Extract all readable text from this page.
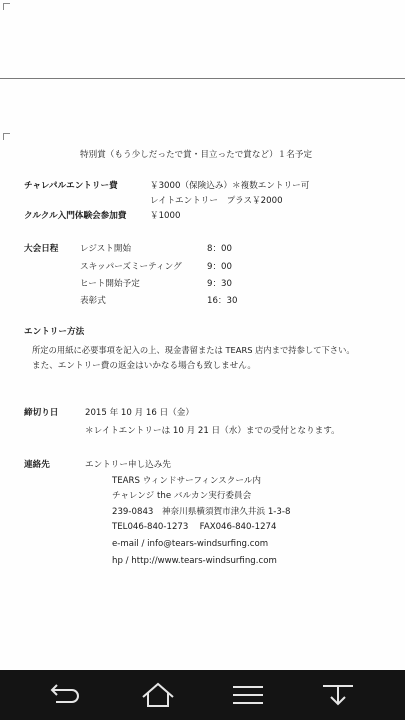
特別賞（もう少しだったで賞・目立ったで賞など）１名予定
チャレパルエントリー費	￥3000（保険込み）＊複数エントリー可
レイトエントリー　プラス￥2000
クルクル入門体験会参加費	￥1000
大会日程	レジスト開始	8：00
スキッパーズミーティング	9：00
ヒート開始予定	9：30
表彰式	16：30
エントリー方法
所定の用紙に必要事項を記入の上、現金書留または TEARS 店内まで持参して下さい。
また、エントリー費の返金はいかなる場合も致しません。
締切り日	2015 年 10 月 16 日（金）
＊レイトエントリーは 10 月 21 日（水）までの受付となります。
連絡先	エントリー申し込み先
TEARS ウィンドサーフィンスクール内
チャレンジ the バルカン実行委員会
239-0843　神奈川県横須賀市津久井浜 1-3-8
TEL046-840-1273　 FAX046-840-1274
e-mail / info@tears-windsurfing.com
hp / http://www.tears-windsurfing.com
